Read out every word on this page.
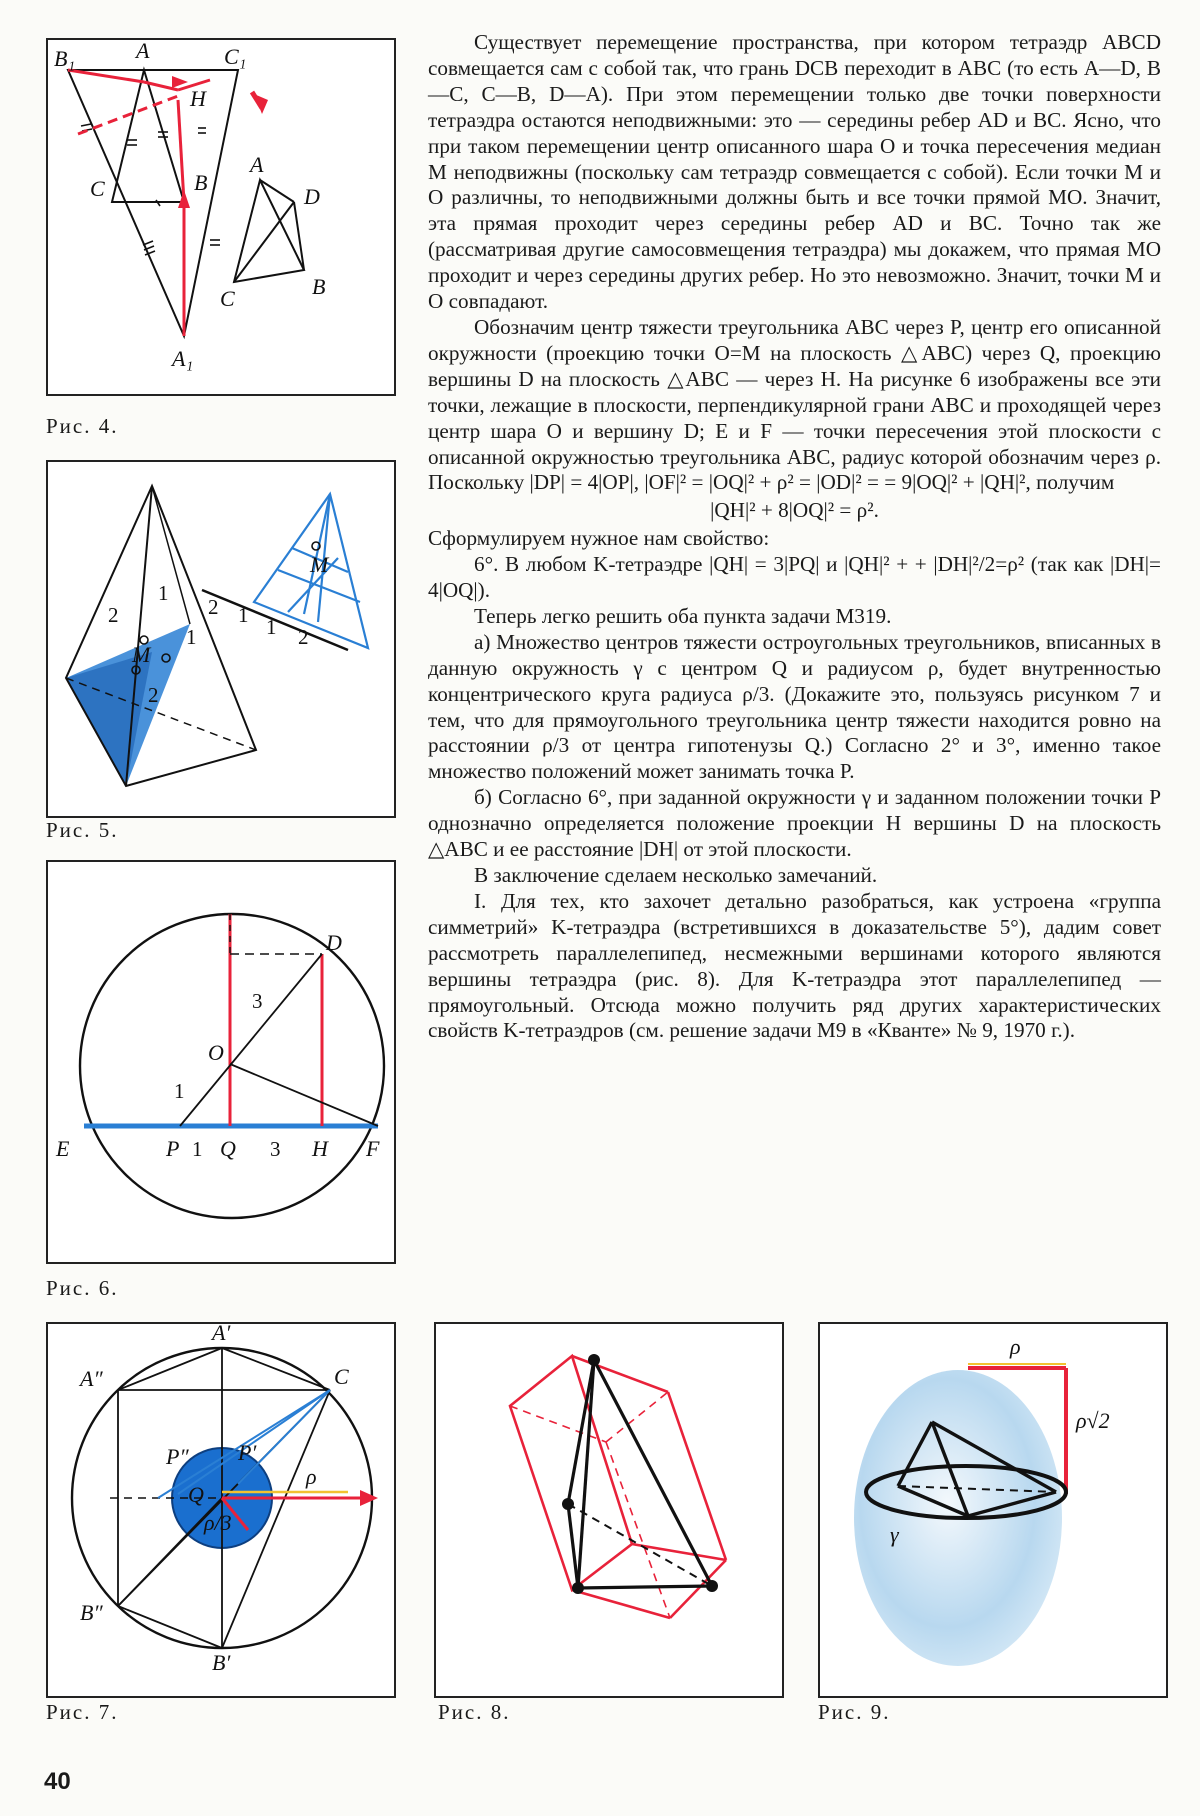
B₁	A	C₁
H
C	B
A₁
A
D
C	B
Рис. 4.
M
2
1
1
2
M
2 1 1 2
Рис. 5.
D
O
3
1
E	P 1 Q 3 H F
Рис. 6.
A′
A″	C
P″ P′
Q
ρ
ρ/3
B″
B′
Рис. 7.	Рис. 8.
ρ
ρ√2
γ
Рис. 9.

Существует перемещение пространства, при котором тетраэдр ABCD совмещается сам с собой так, что грань DCB переходит в ABC (то есть A—D, B—C, C—B, D—A). При этом перемещении только две точки поверхности тетраэдра остаются неподвижными: это — середины ребер AD и BC. Ясно, что при таком перемещении центр описанного шара O и точка пересечения медиан M неподвижны (поскольку сам тетраэдр совмещается с собой). Если точки M и O различны, то неподвижными должны быть и все точки прямой MO. Значит, эта прямая проходит через середины ребер AD и BC. Точно так же (рассматривая другие самосовмещения тетраэдра) мы докажем, что прямая MO проходит и через середины других ребер. Но это невозможно. Значит, точки M и O совпадают.

Обозначим центр тяжести треугольника ABC через P, центр его описанной окружности (проекцию точки O=M на плоскость △ABC) через Q, проекцию вершины D на плоскость △ABC — через H. На рисунке 6 изображены все эти точки, лежащие в плоскости, перпендикулярной грани ABC и проходящей через центр шара O и вершину D; E и F — точки пересечения этой плоскости с описанной окружностью треугольника ABC, радиус которой обозначим через ρ. Поскольку |DP| = 4|OP|, |OF|² = |OQ|² + ρ² = |OD|² = = 9|OQ|² + |QH|², получим

|QH|² + 8|OQ|² = ρ².

Сформулируем нужное нам свойство:

6°. В любом K-тетраэдре |QH| = 3|PQ| и |QH|² + + |DH|²/2=ρ² (так как |DH|= 4|OQ|).

Теперь легко решить оба пункта задачи М319.

а) Множество центров тяжести остроугольных треугольников, вписанных в данную окружность γ с центром Q и радиусом ρ, будет внутренностью концентрического круга радиуса ρ/3. (Докажите это, пользуясь рисунком 7 и тем, что для прямоугольного треугольника центр тяжести находится ровно на расстоянии ρ/3 от центра гипотенузы Q.) Согласно 2° и 3°, именно такое множество положений может занимать точка P.

б) Согласно 6°, при заданной окружности γ и заданном положении точки P однозначно определяется положение проекции H вершины D на плоскость △ABC и ее расстояние |DH| от этой плоскости.

В заключение сделаем несколько замечаний.

I. Для тех, кто захочет детально разобраться, как устроена «группа симметрий» K-тетраэдра (встретившихся в доказательстве 5°), дадим совет рассмотреть параллелепипед, несмежными вершинами которого являются вершины тетраэдра (рис. 8). Для K-тетраэдра этот параллелепипед — прямоугольный. Отсюда можно получить ряд других характеристических свойств K-тетраэдров (см. решение задачи М9 в «Кванте» № 9, 1970 г.).

40
